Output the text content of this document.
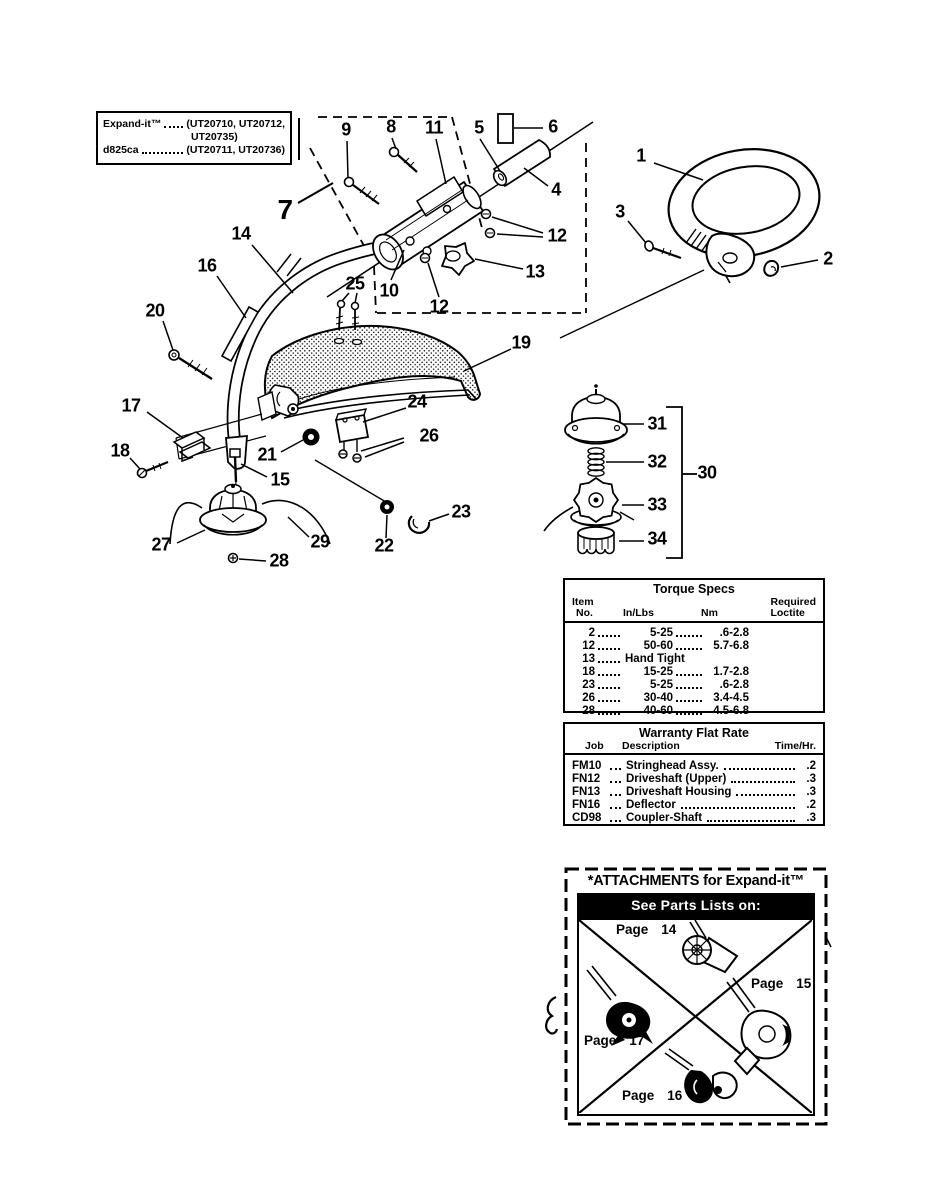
Expand-it™ (UT20710, UT20712,
UT20735)
d825ca	(UT20711, UT20736)
Torque Specs
Item
No.	In/Lbs	Nm
Required
Loctite
2	5-25	.6-2.8
12	50-60	5.7-6.8
13	Hand Tight
18	15-25	1.7-2.8
23	5-25	.6-2.8
26	30-40	3.4-4.5
28	40-60	4.5-6.8
Warranty Flat Rate
Job Description	Time/Hr.
FM10	Stringhead Assy.	.2
FN12	Driveshaft (Upper)	.3
FN13	Driveshaft Housing	.3
FN16	Deflector	.2
CD98	Coupler-Shaft	.3
*ATTACHMENTS for Expand-it™
See Parts Lists on:
1
2
3
4
5	6
7
8
9
10
11
12
12
13
14
15
16
17
18
19
20
21
22
23
24
25
26
27
28
29
30
31
32
33
34
Page 14
Page 15
Page 17
Page 16
